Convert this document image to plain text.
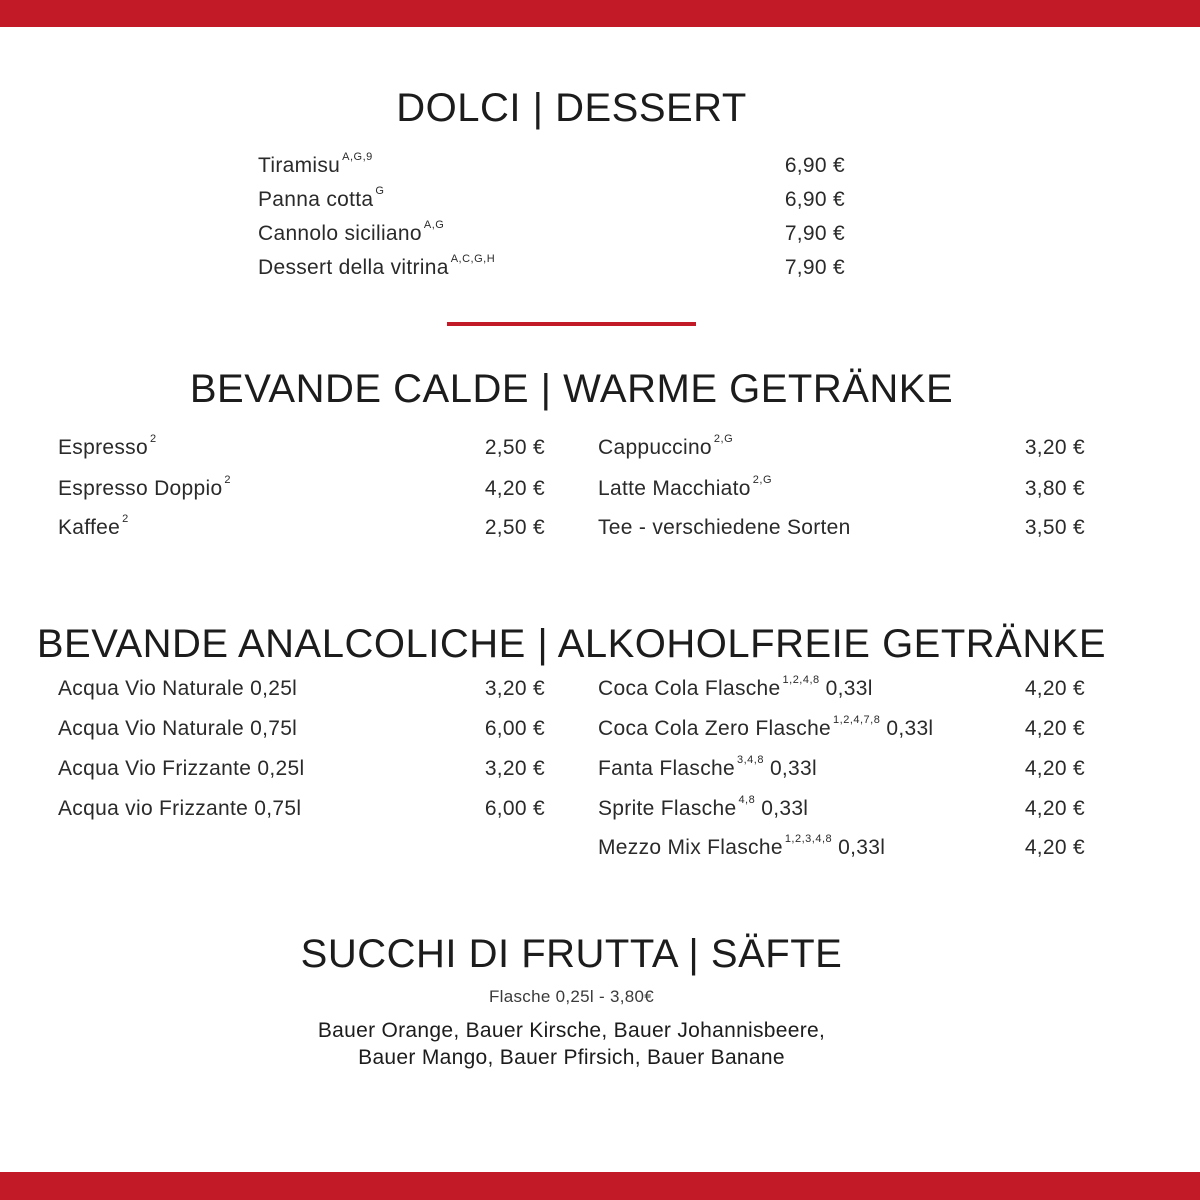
DOLCI | DESSERT
Tiramisu $^{A,G,9}$	6,90 €
Panna cotta $^G$	6,90 €
Cannolo siciliano $^{A,G}$	7,90 €
Dessert della vitrina $^{A,C,G,H}$	7,90 €
BEVANDE CALDE | WARME GETRÄNKE
Espresso $^2$	2,50 €
Espresso Doppio $^2$	4,20 €
Kaffee $^2$	2,50 €
Cappuccino $^{2,G}$	3,20 €
Latte Macchiato $^{2,G}$	3,80 €
Tee - verschiedene Sorten	3,50 €
BEVANDE ANALCOLICHE | ALKOHOLFREIE GETRÄNKE
Acqua Vio Naturale 0,25l	3,20 €
Acqua Vio Naturale 0,75l	6,00 €
Acqua Vio Frizzante 0,25l	3,20 €
Acqua vio Frizzante 0,75l	6,00 €
Coca Cola Flasche $^{1,2,4,8}$ 0,33l	4,20 €
Coca Cola Zero Flasche $^{1,2,4,7,8}$ 0,33l	4,20 €
Fanta Flasche $^{3,4,8}$ 0,33l	4,20 €
Sprite Flasche $^{4,8}$ 0,33l	4,20 €
Mezzo Mix Flasche $^{1,2,3,4,8}$ 0,33l	4,20 €
SUCCHI DI FRUTTA | SÄFTE
Flasche 0,25l - 3,80€
Bauer Orange, Bauer Kirsche, Bauer Johannisbeere,
Bauer Mango, Bauer Pfirsich, Bauer Banane
